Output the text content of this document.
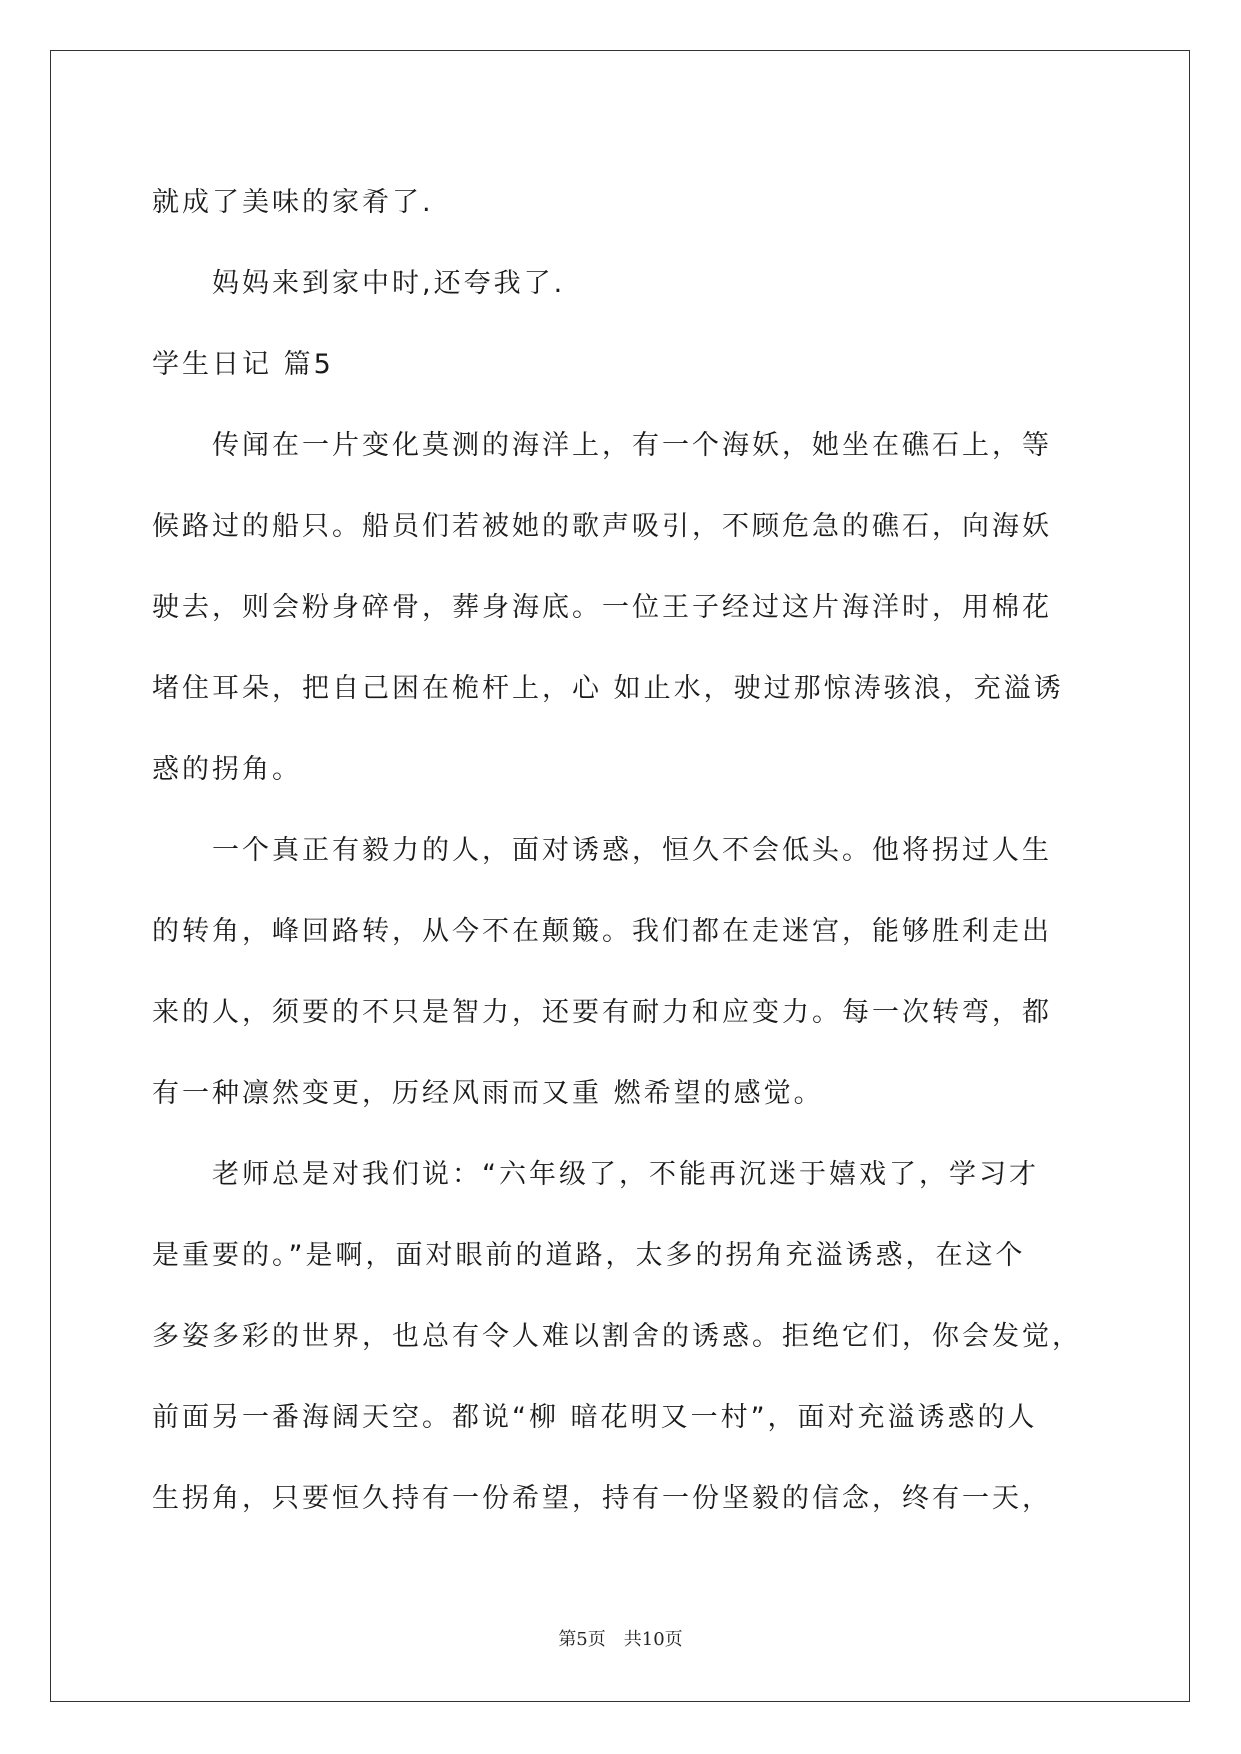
就成了美味的家肴了.

　　妈妈来到家中时,还夸我了.

学生日记 篇5

　　传闻在一片变化莫测的海洋上，有一个海妖，她坐在礁石上，等

候路过的船只。船员们若被她的歌声吸引，不顾危急的礁石，向海妖

驶去，则会粉身碎骨，葬身海底。一位王子经过这片海洋时，用棉花

堵住耳朵，把自己困在桅杆上，心 如止水，驶过那惊涛骇浪，充溢诱

惑的拐角。

　　一个真正有毅力的人，面对诱惑，恒久不会低头。他将拐过人生

的转角，峰回路转，从今不在颠簸。我们都在走迷宫，能够胜利走出

来的人，须要的不只是智力，还要有耐力和应变力。每一次转弯，都

有一种凛然变更，历经风雨而又重 燃希望的感觉。

　　老师总是对我们说：“六年级了，不能再沉迷于嬉戏了，学习才

是重要的。”是啊，面对眼前的道路，太多的拐角充溢诱惑，在这个

多姿多彩的世界，也总有令人难以割舍的诱惑。拒绝它们，你会发觉，

前面另一番海阔天空。都说“柳 暗花明又一村”，面对充溢诱惑的人

生拐角，只要恒久持有一份希望，持有一份坚毅的信念，终有一天，

第5页　共10页
